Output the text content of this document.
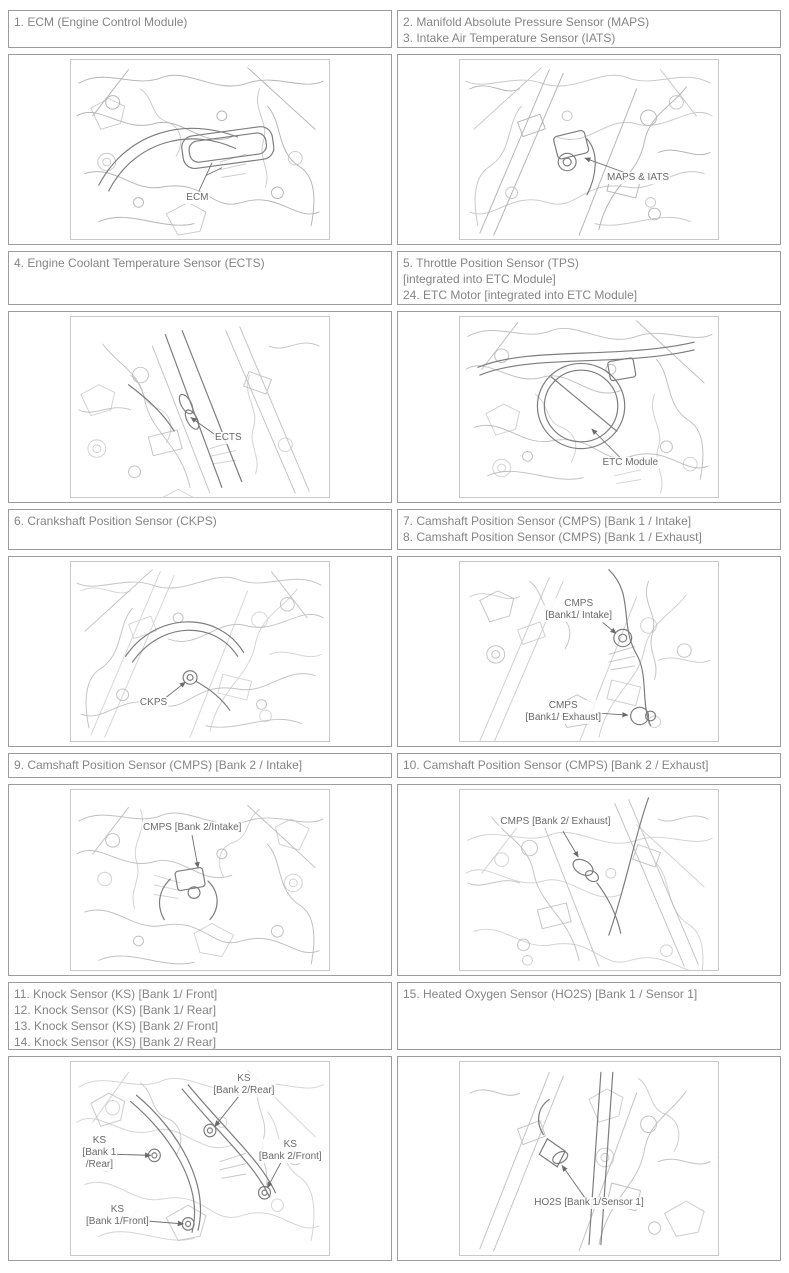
1. ECM (Engine Control Module)	2. Manifold Absolute Pressure Sensor (MAPS)
3. Intake Air Temperature Sensor (IATS)
ECM
MAPS & IATS
4. Engine Coolant Temperature Sensor (ECTS)	5. Throttle Position Sensor (TPS)
[integrated into ETC Module]
24. ETC Motor [integrated into ETC Module]
ECTS
ETC Module
6. Crankshaft Position Sensor (CKPS)	7. Camshaft Position Sensor (CMPS) [Bank 1 / Intake]
8. Camshaft Position Sensor (CMPS) [Bank 1 / Exhaust]
CKPS
CMPS
[Bank1/ Intake]
CMPS
[Bank1/ Exhaust]
9. Camshaft Position Sensor (CMPS) [Bank 2 / Intake]	10. Camshaft Position Sensor (CMPS) [Bank 2 / Exhaust]
CMPS [Bank 2/Intake]	CMPS [Bank 2/ Exhaust]
11. Knock Sensor (KS) [Bank 1/ Front]
12. Knock Sensor (KS) [Bank 1/ Rear]
13. Knock Sensor (KS) [Bank 2/ Front]
14. Knock Sensor (KS) [Bank 2/ Rear]
15. Heated Oxygen Sensor (HO2S) [Bank 1 / Sensor 1]
KS
[Bank 2/Rear]
KS
[Bank 1
/Rear]
KS
[Bank 2/Front]
KS
[Bank 1/Front]
HO2S [Bank 1/Sensor 1]
